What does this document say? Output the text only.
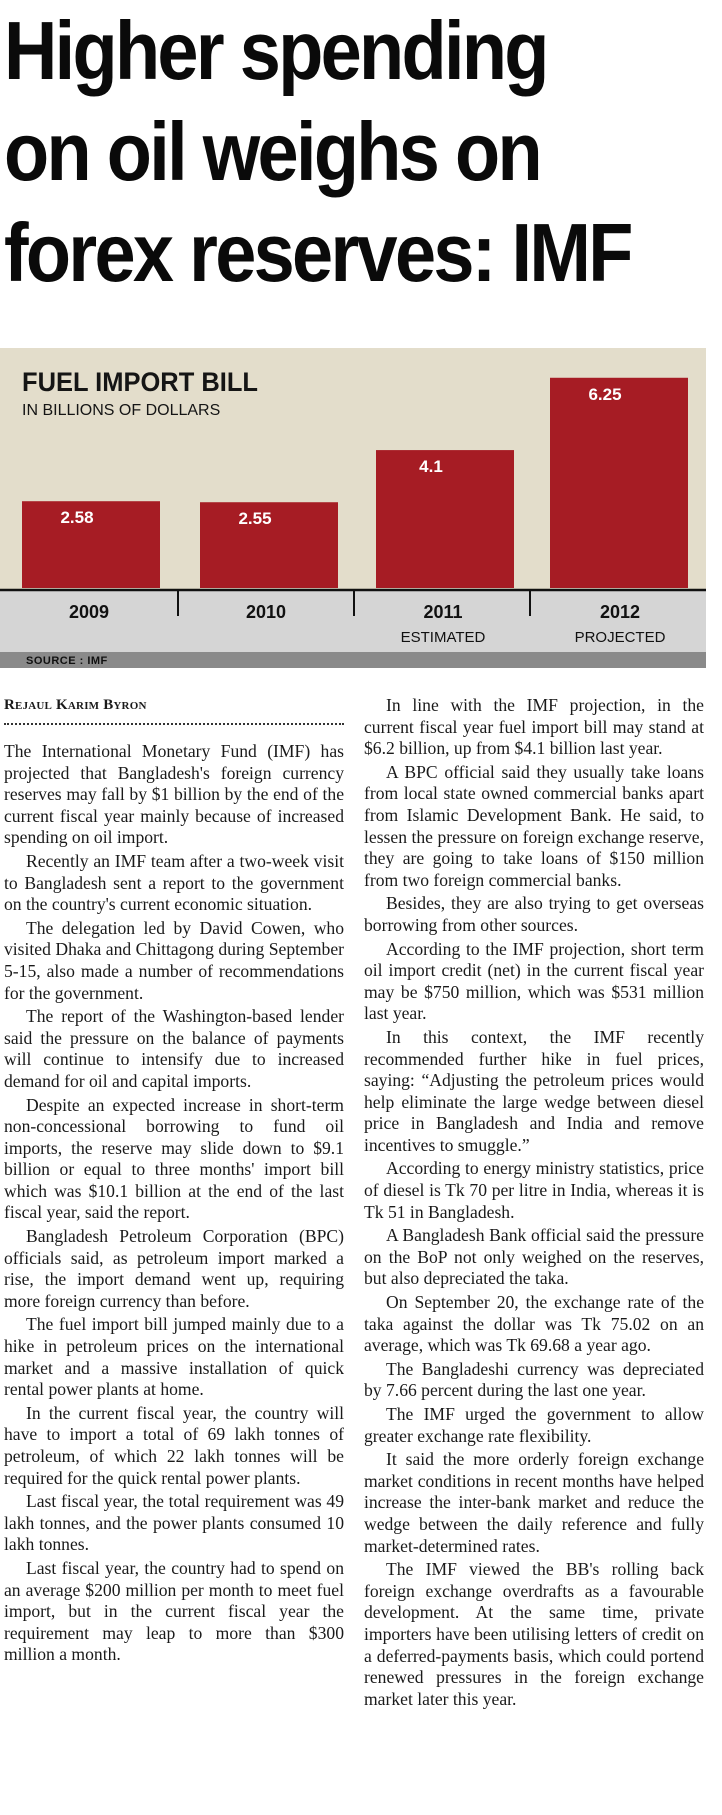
Higher spending
on oil weighs on
forex reserves: IMF
FUEL IMPORT BILL
IN BILLIONS OF DOLLARS
SOURCE : IMF
2.58
2009
2.55
2010
4.1
2011
ESTIMATED
6.25
2012
PROJECTED
Rejaul Karim Byron

The International Monetary Fund (IMF) has projected that Bangladesh's foreign currency reserves may fall by $1 billion by the end of the current fiscal year mainly because of increased spending on oil import.

Recently an IMF team after a two-week visit to Bangladesh sent a report to the government on the country's current economic situation.

The delegation led by David Cowen, who visited Dhaka and Chittagong during September 5-15, also made a number of recommendations for the government.

The report of the Washington-based lender said the pressure on the balance of payments will continue to intensify due to increased demand for oil and capital imports.

Despite an expected increase in short-term non-concessional borrowing to fund oil imports, the reserve may slide down to $9.1 billion or equal to three months' import bill which was $10.1 billion at the end of the last fiscal year, said the report.

Bangladesh Petroleum Corporation (BPC) officials said, as petroleum import marked a rise, the import demand went up, requiring more foreign currency than before.

The fuel import bill jumped mainly due to a hike in petroleum prices on the international market and a massive installation of quick rental power plants at home.

In the current fiscal year, the country will have to import a total of 69 lakh tonnes of petroleum, of which 22 lakh tonnes will be required for the quick rental power plants.

Last fiscal year, the total requirement was 49 lakh tonnes, and the power plants consumed 10 lakh tonnes.

Last fiscal year, the country had to spend on an average $200 million per month to meet fuel import, but in the current fiscal year the requirement may leap to more than $300 million a month.

In line with the IMF projection, in the current fiscal year fuel import bill may stand at $6.2 billion, up from $4.1 billion last year.

A BPC official said they usually take loans from local state owned commercial banks apart from Islamic Development Bank. He said, to lessen the pressure on foreign exchange reserve, they are going to take loans of $150 million from two foreign commercial banks.

Besides, they are also trying to get overseas borrowing from other sources.

According to the IMF projection, short term oil import credit (net) in the current fiscal year may be $750 million, which was $531 million last year.

In this context, the IMF recently recommended further hike in fuel prices, saying: “Adjusting the petroleum prices would help eliminate the large wedge between diesel price in Bangladesh and India and remove incentives to smuggle.”

According to energy ministry statistics, price of diesel is Tk 70 per litre in India, whereas it is Tk 51 in Bangladesh.

A Bangladesh Bank official said the pressure on the BoP not only weighed on the reserves, but also depreciated the taka.

On September 20, the exchange rate of the taka against the dollar was Tk 75.02 on an average, which was Tk 69.68 a year ago.

The Bangladeshi currency was depreciated by 7.66 percent during the last one year.

The IMF urged the government to allow greater exchange rate flexibility.

It said the more orderly foreign exchange market conditions in recent months have helped increase the inter-bank market and reduce the wedge between the daily reference and fully market-determined rates.

The IMF viewed the BB's rolling back foreign exchange overdrafts as a favourable development. At the same time, private importers have been utilising letters of credit on a deferred-payments basis, which could portend renewed pressures in the foreign exchange market later this year.
